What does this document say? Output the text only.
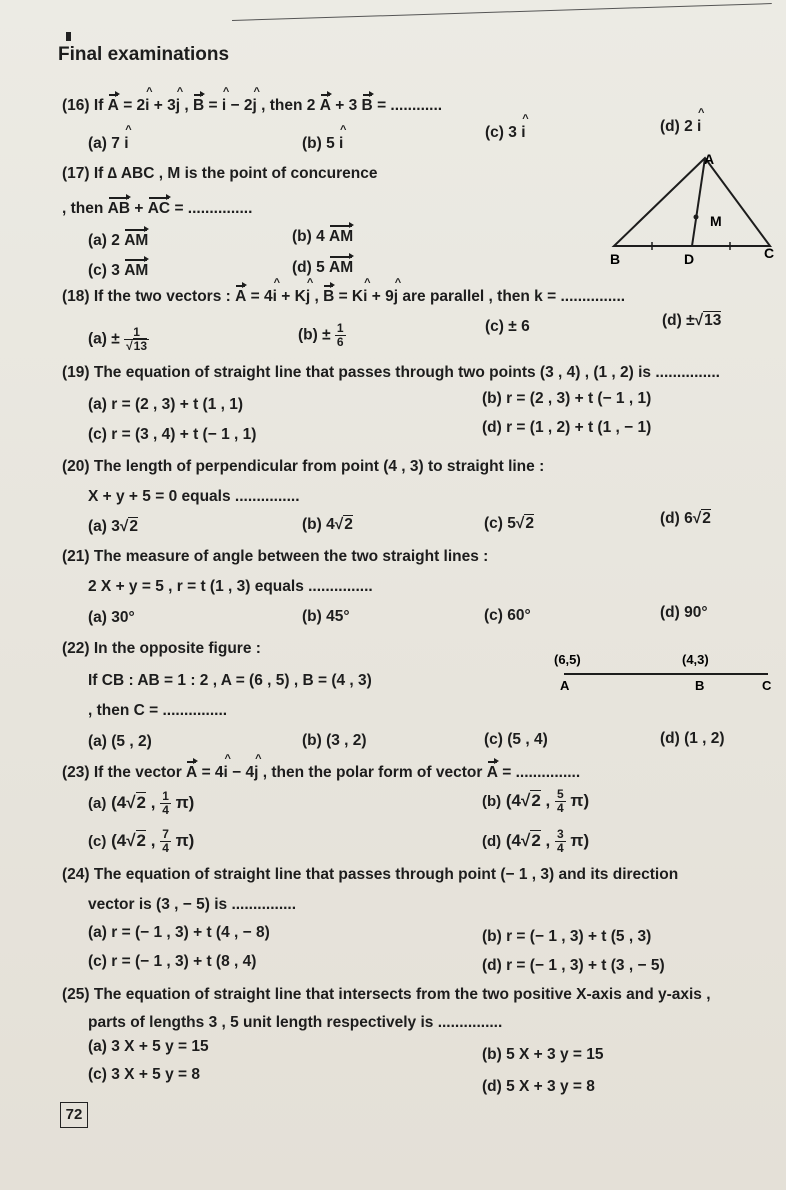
Final examinations
(16) If A = 2^ i + 3^ j , B = ^ i − 2^ j , then 2 A + 3 B = ............
(a) 7 ^ i	(b) 5 ^ i
(c) 3 ^ i	(d) 2 ^ i
(17) If ∆ ABC , M is the point of concurence
, then AB + AC = ...............
(a) 2 AM	(b) 4 AM
(c) 3 AM	(d) 5 AM
A
M
B	D	C
(18) If the two vectors : A = 4^ i + K^ j , B = K^ i + 9^ j are parallel , then k = ...............
$(a) \pm \frac{1}{√13}$	$(b) \pm \frac{1}{6}$	(c) ± 6	(d) ±√13
(19) The equation of straight line that passes through two points (3 , 4) , (1 , 2) is ...............
(a) r = (2 , 3) + t (1 , 1)	(b) r = (2 , 3) + t (− 1 , 1)
(c) r = (3 , 4) + t (− 1 , 1)	(d) r = (1 , 2) + t (1 , − 1)
(20) The length of perpendicular from point (4 , 3) to straight line :
X + y + 5 = 0 equals ...............
(a) 3√2	(b) 4√2	(c) 5√2	(d) 6√2
(21) The measure of angle between the two straight lines :
2 X + y = 5 , r = t (1 , 3) equals ...............
(a) 30°	(b) 45°	(c) 60°	(d) 90°
(22) In the opposite figure :
If CB : AB = 1 : 2 , A = (6 , 5) , B = (4 , 3)
, then C = ...............
(6,5)	(4,3)
A	B	C
(a) (5 , 2)	(b) (3 , 2)	(c) (5 , 4)	(d) (1 , 2)
(23) If the vector A = 4^ i − 4^ j , then the polar form of vector A = ...............
(a) (4√2 , $\frac{1}{4} \pi$)	(b) (4√2 , $\frac{5}{4} \pi$)
(c) (4√2 , $\frac{7}{4} \pi$)	(d) (4√2 , $\frac{3}{4} \pi$)
(24) The equation of straight line that passes through point (− 1 , 3) and its direction
vector is (3 , − 5) is ...............
(a) r = (− 1 , 3) + t (4 , − 8)	(b) r = (− 1 , 3) + t (5 , 3)
(c) r = (− 1 , 3) + t (8 , 4)	(d) r = (− 1 , 3) + t (3 , − 5)
(25) The equation of straight line that intersects from the two positive X-axis and y-axis ,
parts of lengths 3 , 5 unit length respectively is ...............
(a) 3 X + 5 y = 15	(b) 5 X + 3 y = 15
(c) 3 X + 5 y = 8
(d) 5 X + 3 y = 8
72
